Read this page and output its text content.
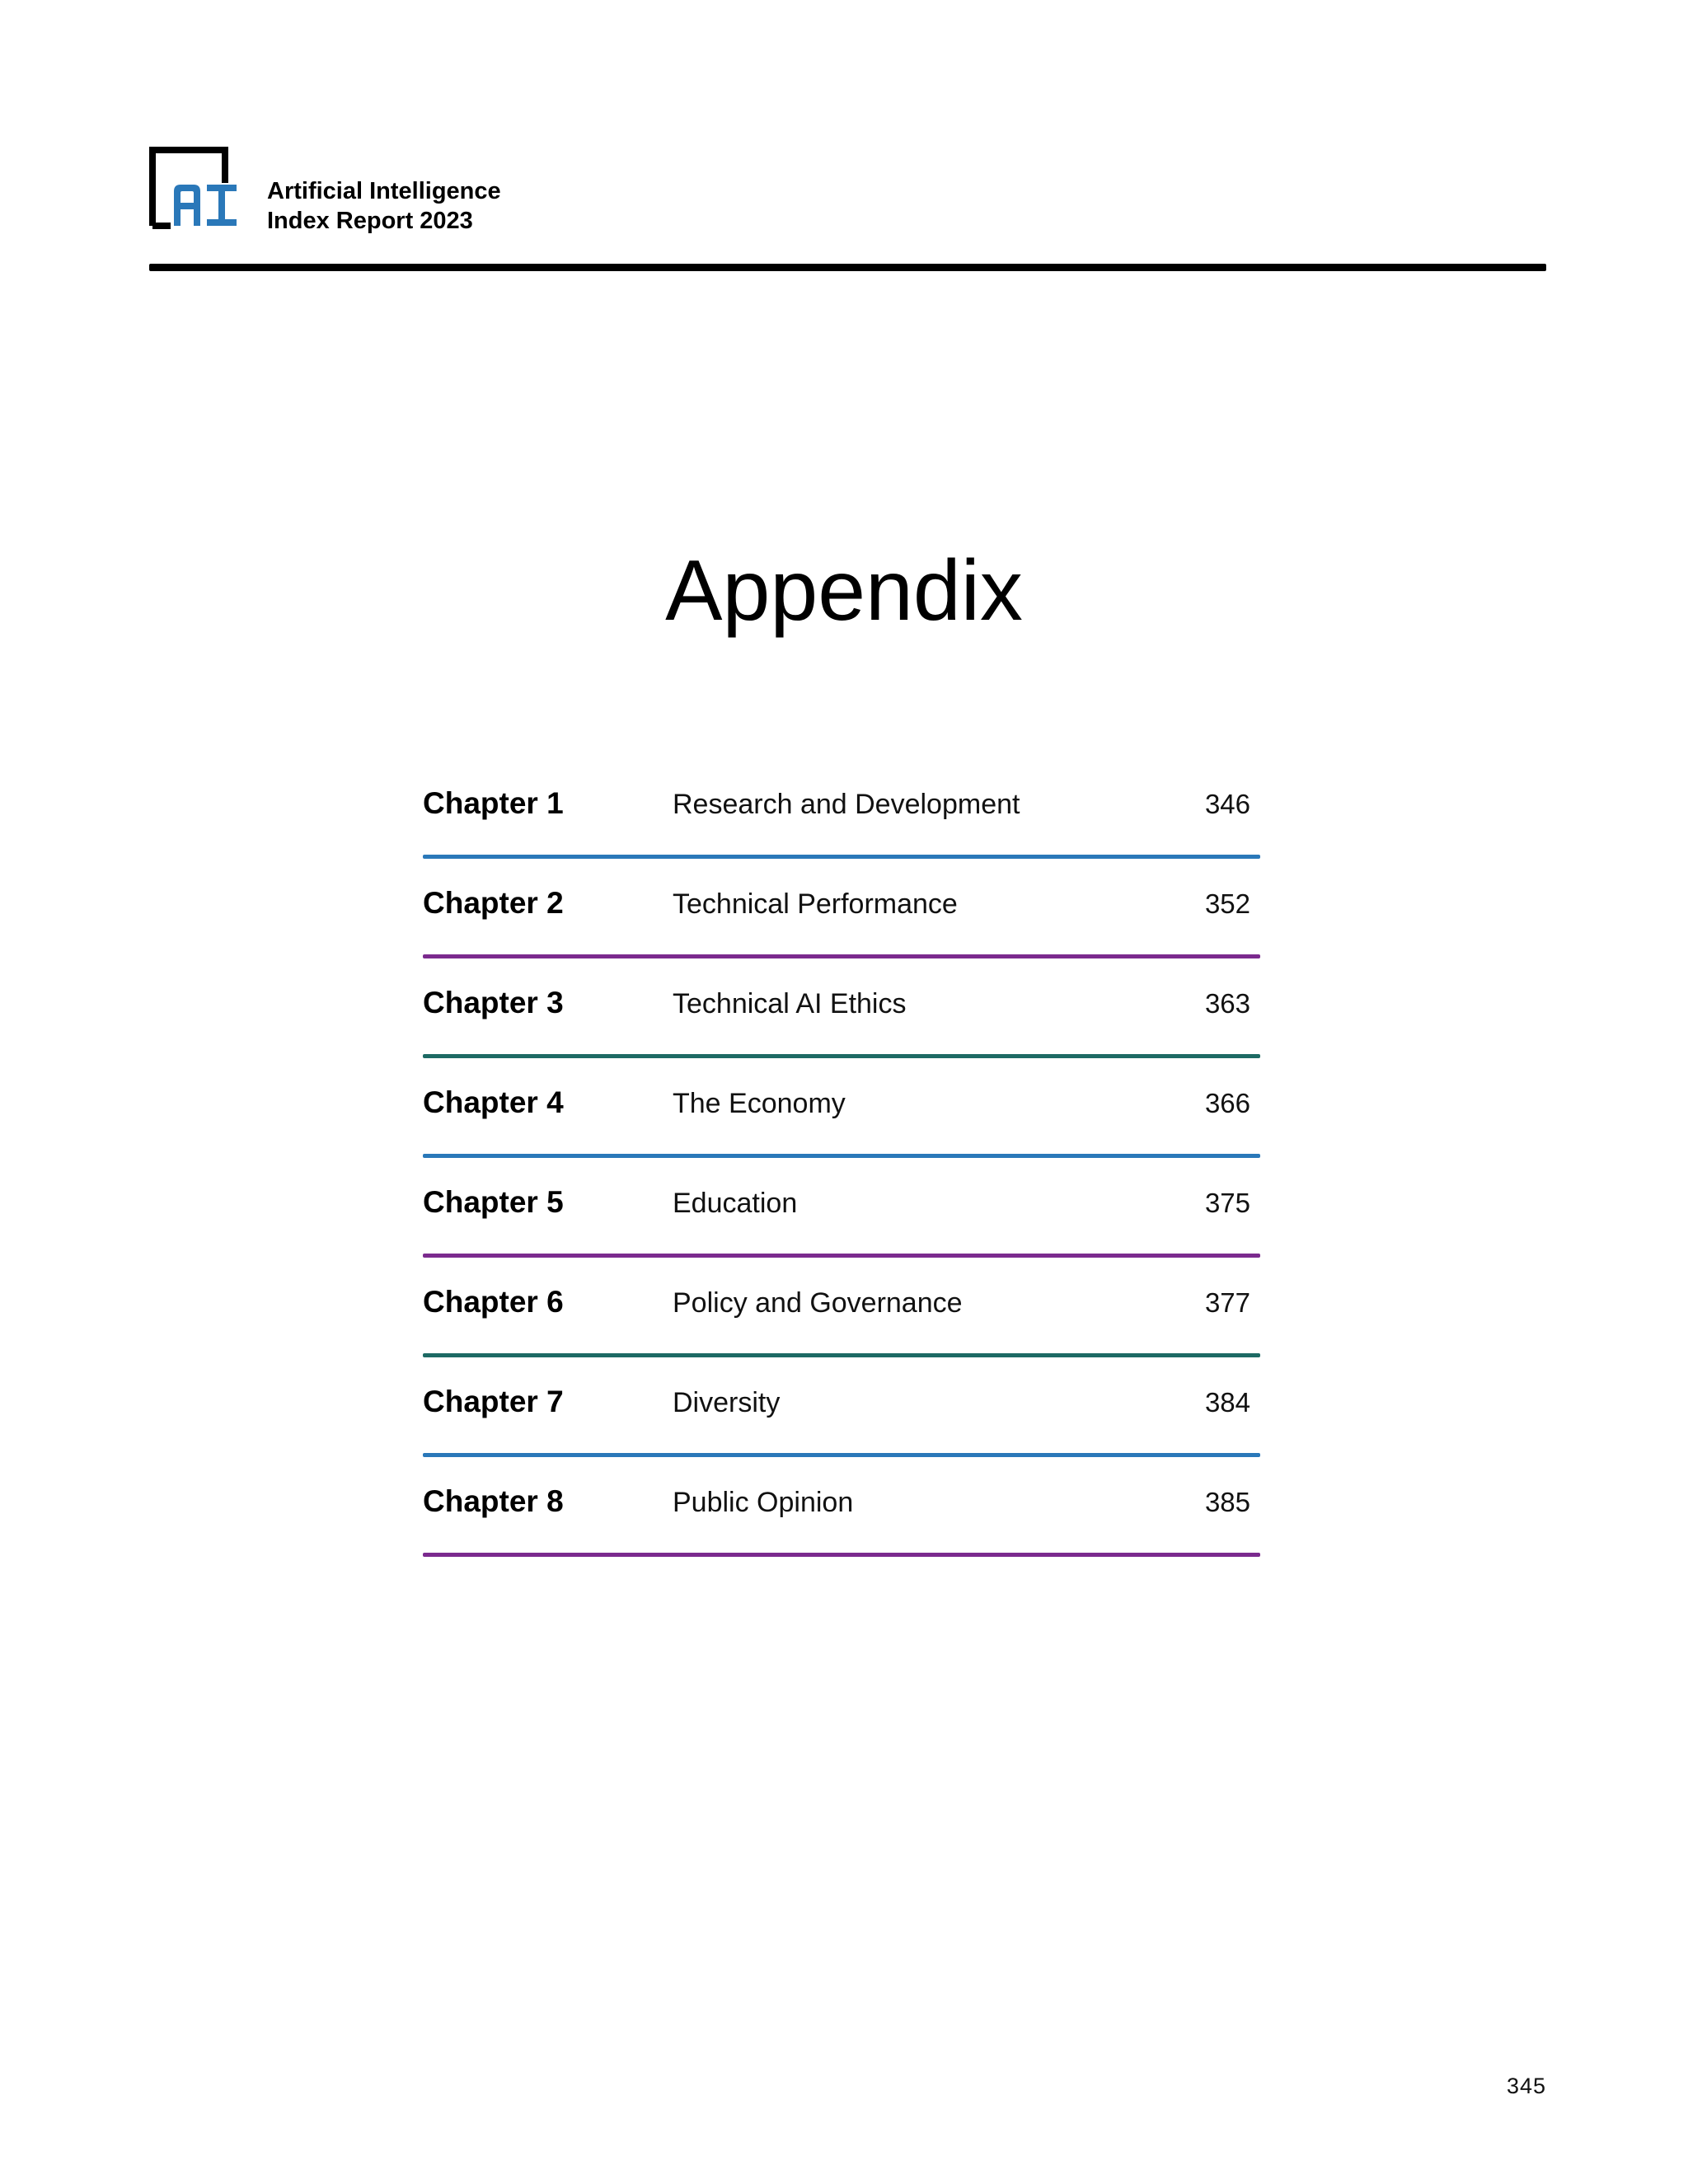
Artificial Intelligence
Index Report 2023
Appendix
Chapter 1	Research and Development	346
Chapter 2	Technical Performance	352
Chapter 3	Technical AI Ethics	363
Chapter 4	The Economy	366
Chapter 5	Education	375
Chapter 6	Policy and Governance	377
Chapter 7	Diversity	384
Chapter 8	Public Opinion	385
345
